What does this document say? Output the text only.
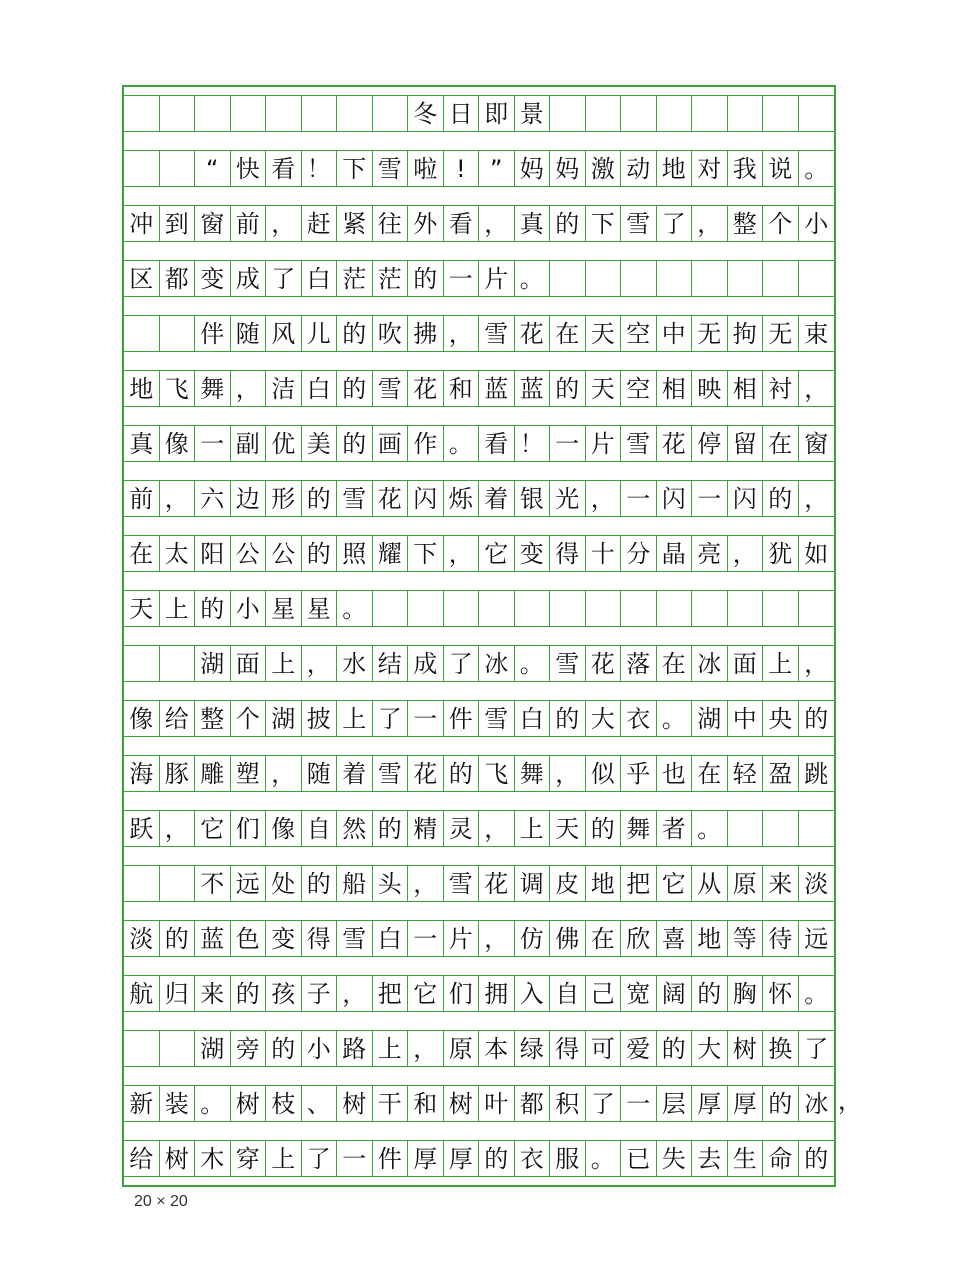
冬 日 即 景
“ 快 看 ！ 下 雪 啦 !	” 妈 妈 激 动 地 对 我 说 。
冲 到 窗 前 ， 赶 紧 往 外 看 ， 真 的 下 雪 了 ， 整 个 小
区 都 变 成 了 白 茫 茫 的 一 片 。
伴 随 风 儿 的 吹 拂 ， 雪 花 在 天 空 中 无 拘 无 束
地 飞 舞 ， 洁 白 的 雪 花 和 蓝 蓝 的 天 空 相 映 相 衬 ，
真 像 一 副 优 美 的 画 作 。 看 ！ 一 片 雪 花 停 留 在 窗
前 ， 六 边 形 的 雪 花 闪 烁 着 银 光 ， 一 闪 一 闪 的 ，
在 太 阳 公 公 的 照 耀 下 ， 它 变 得 十 分 晶 亮 ， 犹 如
天 上 的 小 星 星 。
湖 面 上 ， 水 结 成 了 冰 。 雪 花 落 在 冰 面 上 ，
像 给 整 个 湖 披 上 了 一 件 雪 白 的 大 衣 。 湖 中 央 的
海 豚 雕 塑 ， 随 着 雪 花 的 飞 舞 ， 似 乎 也 在 轻 盈 跳
跃 ， 它 们 像 自 然 的 精 灵 ， 上 天 的 舞 者 。
不 远 处 的 船 头 ， 雪 花 调 皮 地 把 它 从 原 来 淡
淡 的 蓝 色 变 得 雪 白 一 片 ， 仿 佛 在 欣 喜 地 等 待 远
航 归 来 的 孩 子 ， 把 它 们 拥 入 自 己 宽 阔 的 胸 怀 。
湖 旁 的 小 路 上 ， 原 本 绿 得 可 爱 的 大 树 换 了
新 装 。 树 枝 、 树 干 和 树 叶 都 积 了 一 层 厚 厚 的 冰
给 树 木 穿 上 了 一 件 厚 厚 的 衣 服 。 已 失 去 生 命 的
20 × 20
，
